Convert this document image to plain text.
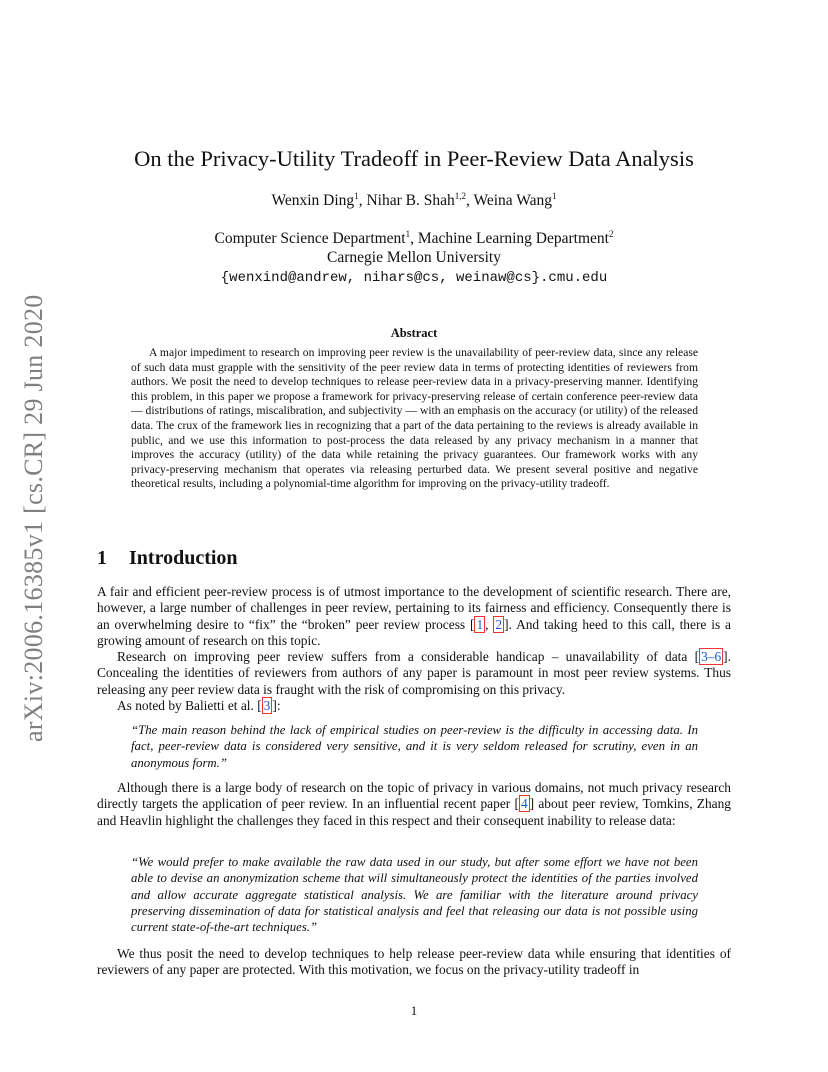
arXiv:2006.16385v1 [cs.CR] 29 Jun 2020
On the Privacy-Utility Tradeoff in Peer-Review Data Analysis
Wenxin Ding$^1$, Nihar B. Shah$^{1,2}$, Weina Wang$^1$
Computer Science Department$^1$, Machine Learning Department$^2$
Carnegie Mellon University
{wenxind@andrew, nihars@cs, weinaw@cs}.cmu.edu
Abstract
A major impediment to research on improving peer review is the unavailability of peer-review data, since any release of such data must grapple with the sensitivity of the peer review data in terms of protecting identities of reviewers from authors. We posit the need to develop techniques to release peer-review data in a privacy-preserving manner. Identifying this problem, in this paper we propose a framework for privacy-preserving release of certain conference peer-review data — distributions of ratings, miscalibration, and subjectivity — with an emphasis on the accuracy (or utility) of the released data. The crux of the framework lies in recognizing that a part of the data pertaining to the reviews is already available in public, and we use this information to post-process the data released by any privacy mechanism in a manner that improves the accuracy (utility) of the data while retaining the privacy guarantees. Our framework works with any privacy-preserving mechanism that operates via releasing perturbed data. We present several positive and negative theoretical results, including a polynomial-time algorithm for improving on the privacy-utility tradeoff.
1 Introduction

A fair and efficient peer-review process is of utmost importance to the development of scientific research. There are, however, a large number of challenges in peer review, pertaining to its fairness and efficiency. Consequently there is an overwhelming desire to “fix” the “broken” peer review process [ 1 , 2 ]. And taking heed to this call, there is a growing amount of research on this topic.

Research on improving peer review suffers from a considerable handicap – unavailability of data [ 3–6 ]. Concealing the identities of reviewers from authors of any paper is paramount in most peer review systems. Thus releasing any peer review data is fraught with the risk of compromising on this privacy.

As noted by Balietti et al. [ 3 ]:

“The main reason behind the lack of empirical studies on peer-review is the difficulty in accessing data. In fact, peer-review data is considered very sensitive, and it is very seldom released for scrutiny, even in an anonymous form.”

Although there is a large body of research on the topic of privacy in various domains, not much privacy research directly targets the application of peer review. In an influential recent paper [ 4 ] about peer review, Tomkins, Zhang and Heavlin highlight the challenges they faced in this respect and their consequent inability to release data:

“We would prefer to make available the raw data used in our study, but after some effort we have not been able to devise an anonymization scheme that will simultaneously protect the identities of the parties involved and allow accurate aggregate statistical analysis. We are familiar with the literature around privacy preserving dissemination of data for statistical analysis and feel that releasing our data is not possible using current state-of-the-art techniques.”

We thus posit the need to develop techniques to help release peer-review data while ensuring that identities of reviewers of any paper are protected. With this motivation, we focus on the privacy-utility tradeoff in

1
